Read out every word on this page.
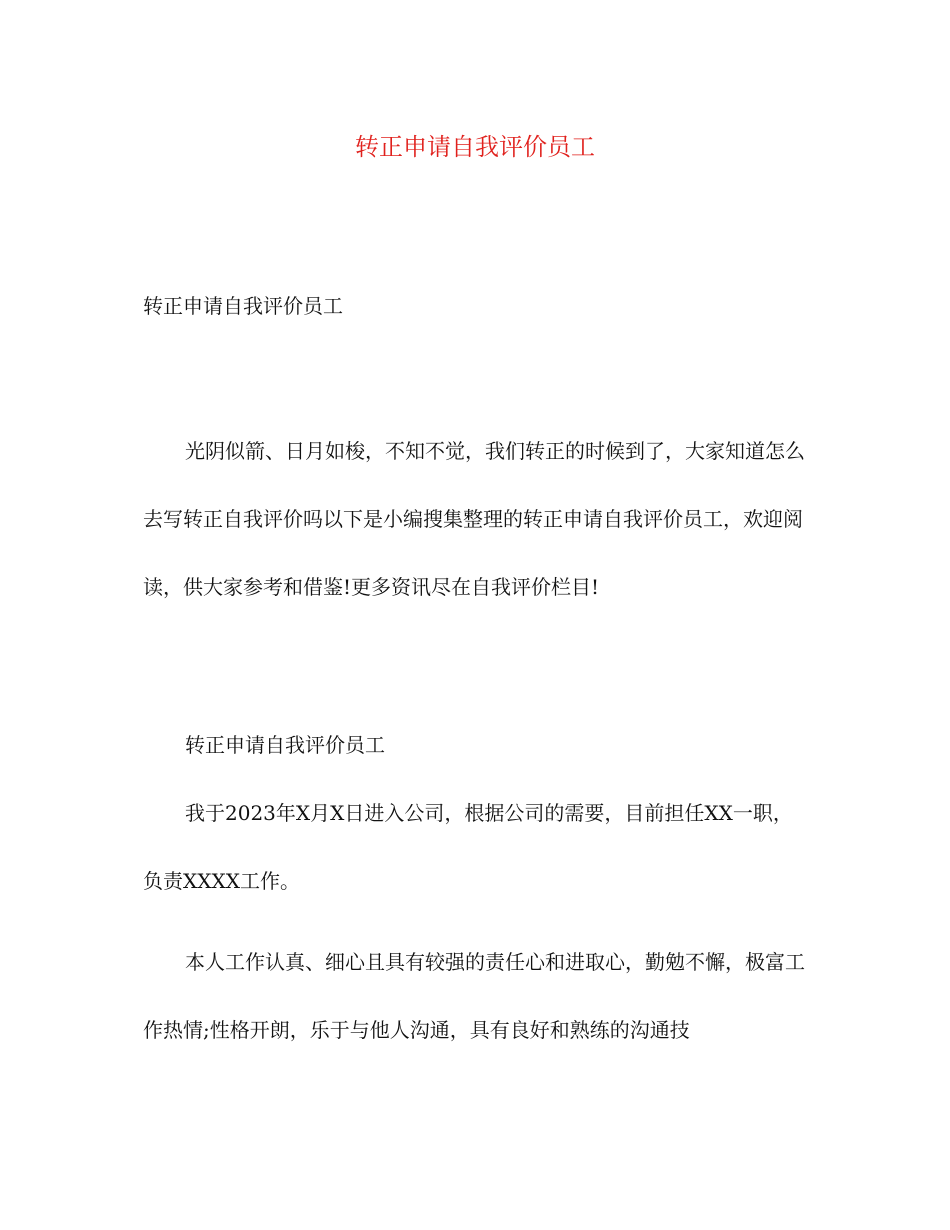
转正申请自我评价员工

转正申请自我评价员工

光阴似箭、日月如梭，不知不觉，我们转正的时候到了，大家知道怎么去写转正自我评价吗以下是小编搜集整理的转正申请自我评价员工，欢迎阅读，供大家参考和借鉴!更多资讯尽在自我评价栏目!

转正申请自我评价员工

我于2023年X月X日进入公司，根据公司的需要，目前担任XX一职，负责XXXX工作。

本人工作认真、细心且具有较强的责任心和进取心，勤勉不懈，极富工作热情;性格开朗，乐于与他人沟通，具有良好和熟练的沟通技
